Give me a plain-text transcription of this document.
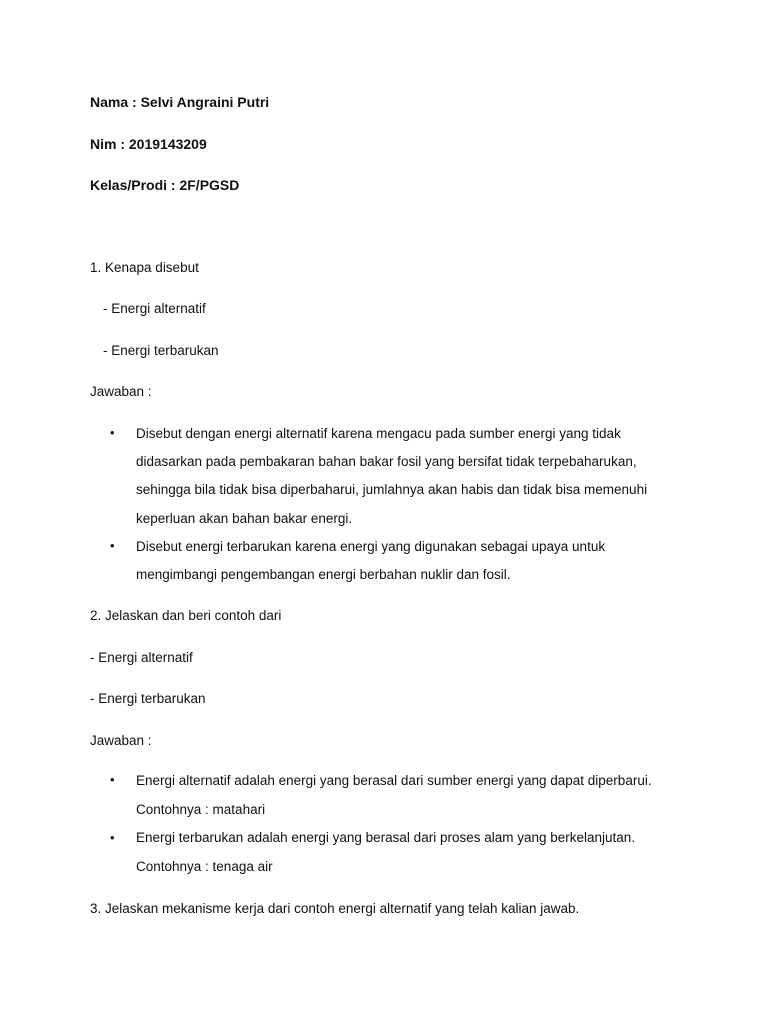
Nama : Selvi Angraini Putri
Nim : 2019143209
Kelas/Prodi : 2F/PGSD
1. Kenapa disebut
- Energi alternatif
- Energi terbarukan
Jawaban :
• Disebut dengan energi alternatif karena mengacu pada sumber energi yang tidak
didasarkan pada pembakaran bahan bakar fosil yang bersifat tidak terpebaharukan,
sehingga bila tidak bisa diperbaharui, jumlahnya akan habis dan tidak bisa memenuhi
keperluan akan bahan bakar energi.
• Disebut energi terbarukan karena energi yang digunakan sebagai upaya untuk
mengimbangi pengembangan energi berbahan nuklir dan fosil.
2. Jelaskan dan beri contoh dari
- Energi alternatif
- Energi terbarukan
Jawaban :
• Energi alternatif adalah energi yang berasal dari sumber energi yang dapat diperbarui.
Contohnya : matahari
• Energi terbarukan adalah energi yang berasal dari proses alam yang berkelanjutan.
Contohnya : tenaga air
3. Jelaskan mekanisme kerja dari contoh energi alternatif yang telah kalian jawab.
